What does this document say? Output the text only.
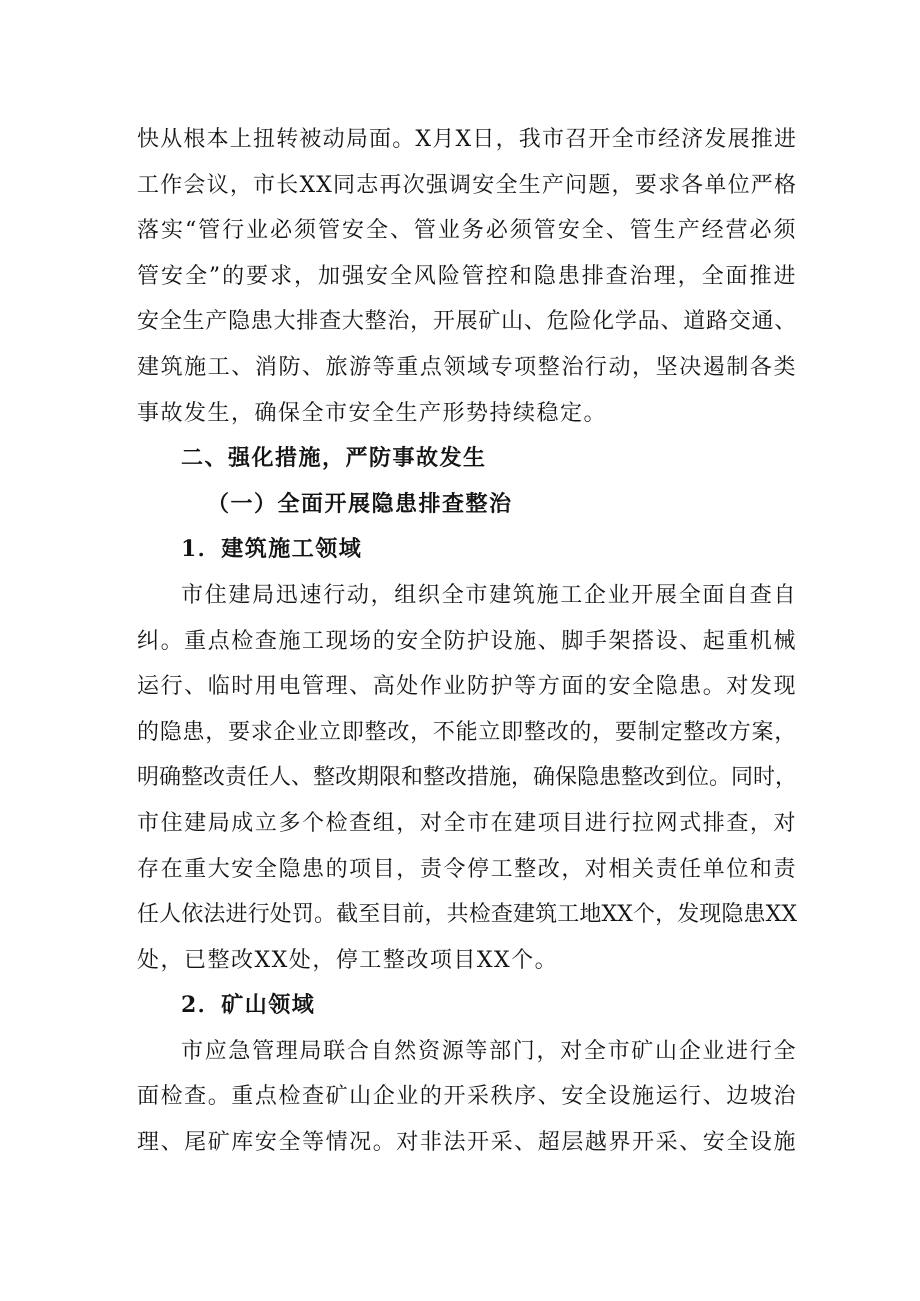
快从根本上扭转被动局面。X月X日，我市召开全市经济发展推进
工作会议，市长XX同志再次强调安全生产问题，要求各单位严格
落实“管行业必须管安全、管业务必须管安全、管生产经营必须
管安全”的要求，加强安全风险管控和隐患排查治理，全面推进
安全生产隐患大排查大整治，开展矿山、危险化学品、道路交通、
建筑施工、消防、旅游等重点领域专项整治行动，坚决遏制各类
事故发生，确保全市安全生产形势持续稳定。
二、强化措施，严防事故发生
（一）全面开展隐患排查整治
1．建筑施工领域
市住建局迅速行动，组织全市建筑施工企业开展全面自查自
纠。重点检查施工现场的安全防护设施、脚手架搭设、起重机械
运行、临时用电管理、高处作业防护等方面的安全隐患。对发现
的隐患，要求企业立即整改，不能立即整改的，要制定整改方案，
明确整改责任人、整改期限和整改措施，确保隐患整改到位。同时，
市住建局成立多个检查组，对全市在建项目进行拉网式排查，对
存在重大安全隐患的项目，责令停工整改，对相关责任单位和责
任人依法进行处罚。截至目前，共检查建筑工地XX个，发现隐患XX
处，已整改XX处，停工整改项目XX个。
2．矿山领域
市应急管理局联合自然资源等部门，对全市矿山企业进行全
面检查。重点检查矿山企业的开采秩序、安全设施运行、边坡治
理、尾矿库安全等情况。对非法开采、超层越界开采、安全设施
